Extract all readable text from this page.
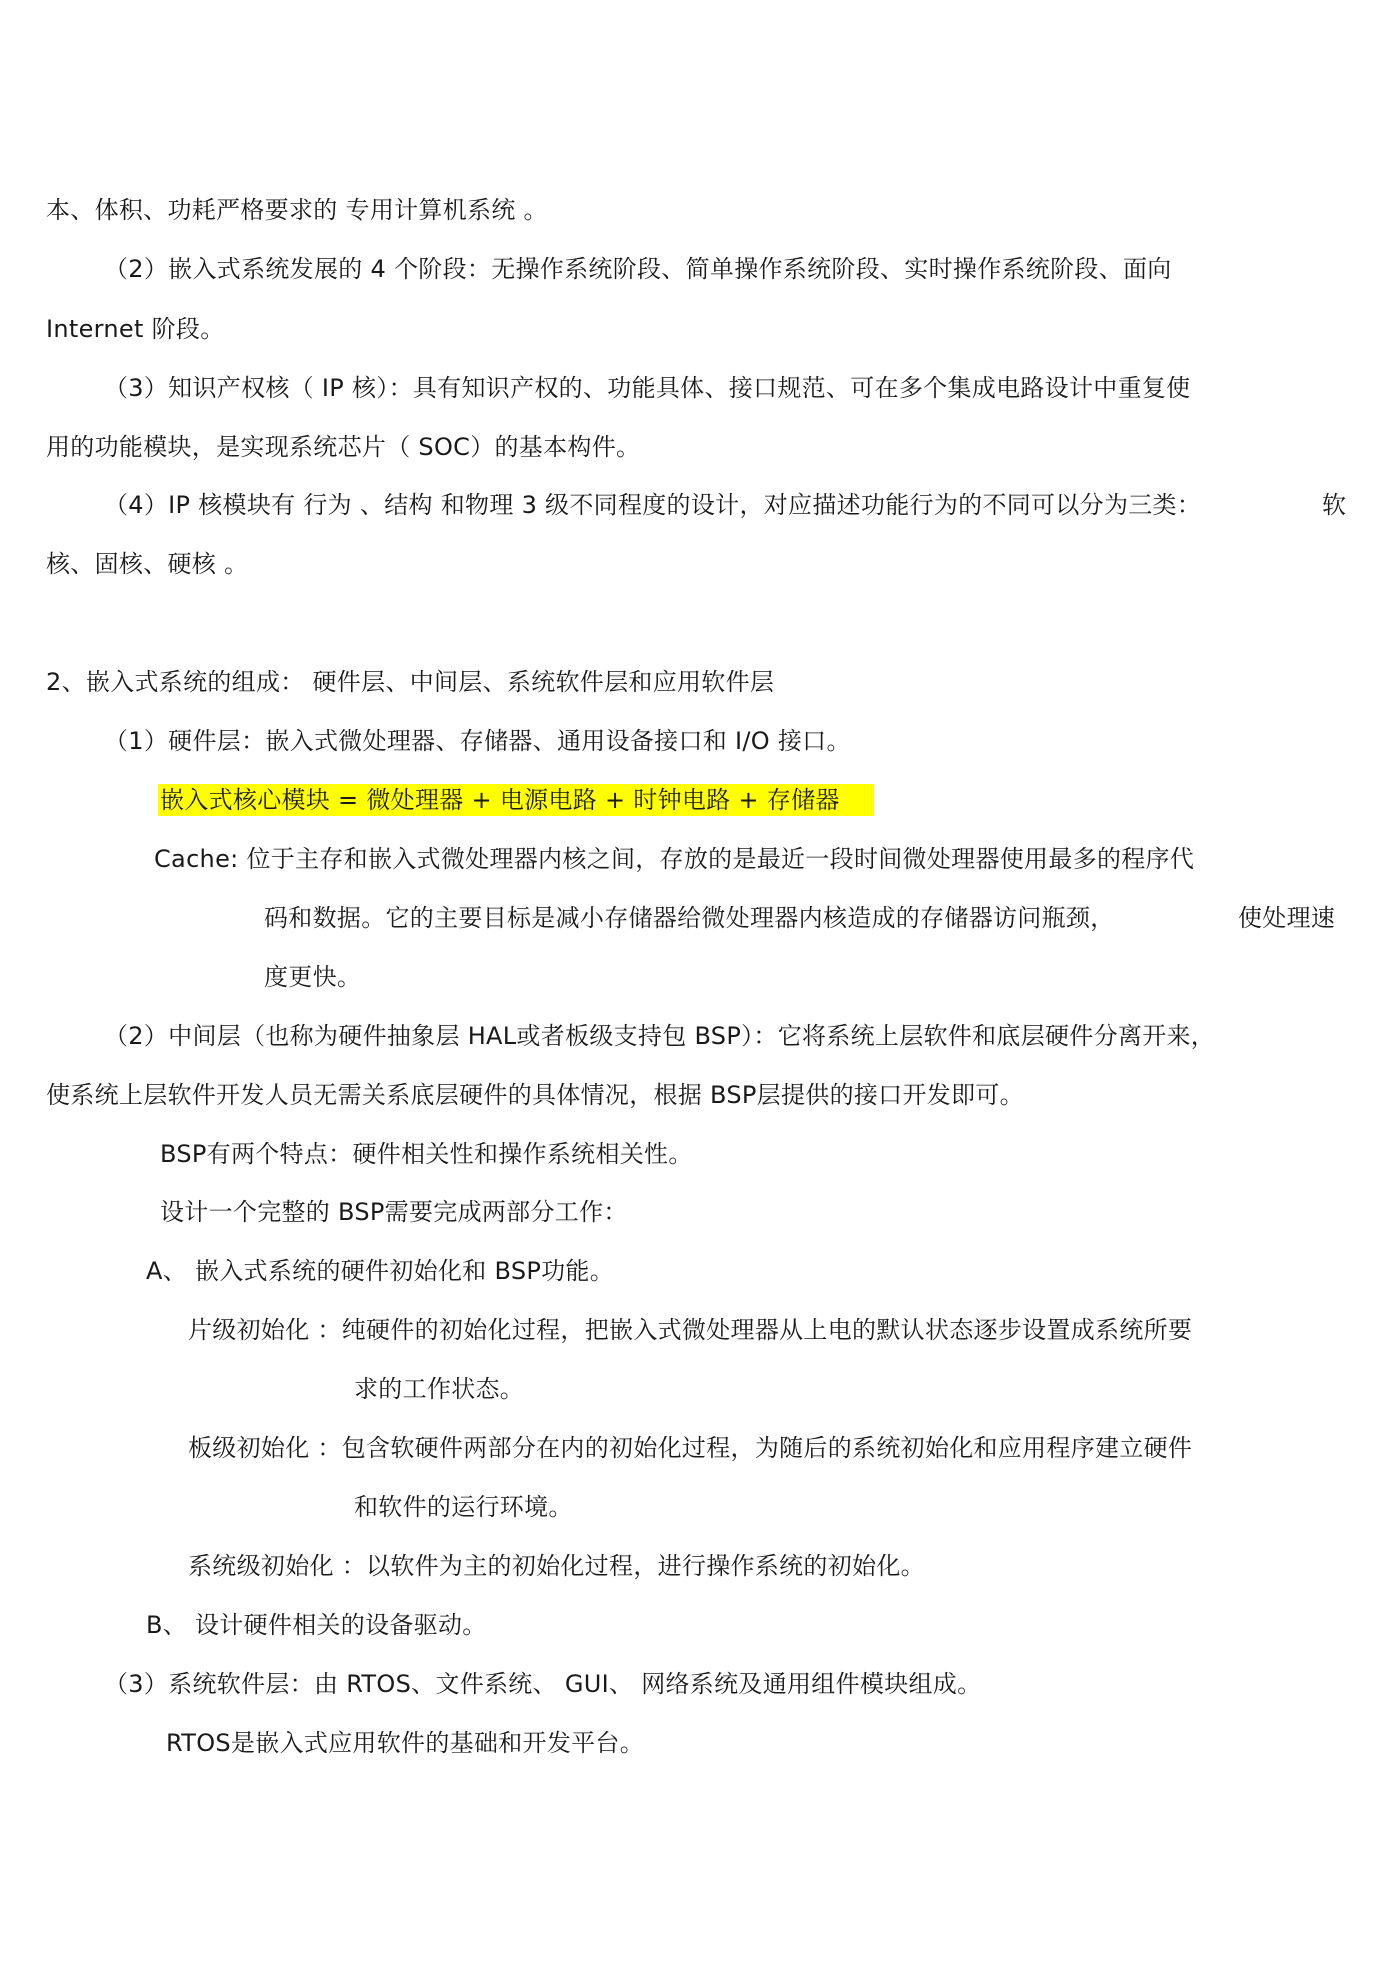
本、体积、功耗严格要求的 专用计算机系统 。
（2）嵌入式系统发展的 4 个阶段：无操作系统阶段、简单操作系统阶段、实时操作系统阶段、面向
Internet 阶段。
（3）知识产权核（ IP 核）：具有知识产权的、功能具体、接口规范、可在多个集成电路设计中重复使
用的功能模块，是实现系统芯片（ SOC）的基本构件。
（4）IP 核模块有 行为 、结构 和物理 3 级不同程度的设计，对应描述功能行为的不同可以分为三类：	软
核、固核、硬核 。
2、嵌入式系统的组成： 硬件层、中间层、系统软件层和应用软件层
（1）硬件层：嵌入式微处理器、存储器、通用设备接口和 I/O 接口。
嵌入式核心模块 = 微处理器 + 电源电路 + 时钟电路 + 存储器
Cache: 位于主存和嵌入式微处理器内核之间，存放的是最近一段时间微处理器使用最多的程序代
码和数据。它的主要目标是减小存储器给微处理器内核造成的存储器访问瓶颈，	使处理速
度更快。
（2）中间层（也称为硬件抽象层 HAL或者板级支持包 BSP）：它将系统上层软件和底层硬件分离开来，
使系统上层软件开发人员无需关系底层硬件的具体情况，根据 BSP层提供的接口开发即可。
BSP有两个特点：硬件相关性和操作系统相关性。
设计一个完整的 BSP需要完成两部分工作：
A、 嵌入式系统的硬件初始化和 BSP功能。
片级初始化 ：纯硬件的初始化过程，把嵌入式微处理器从上电的默认状态逐步设置成系统所要
求的工作状态。
板级初始化 ：包含软硬件两部分在内的初始化过程，为随后的系统初始化和应用程序建立硬件
和软件的运行环境。
系统级初始化 ：以软件为主的初始化过程，进行操作系统的初始化。
B、 设计硬件相关的设备驱动。
（3）系统软件层：由 RTOS、文件系统、 GUI、 网络系统及通用组件模块组成。
RTOS是嵌入式应用软件的基础和开发平台。
